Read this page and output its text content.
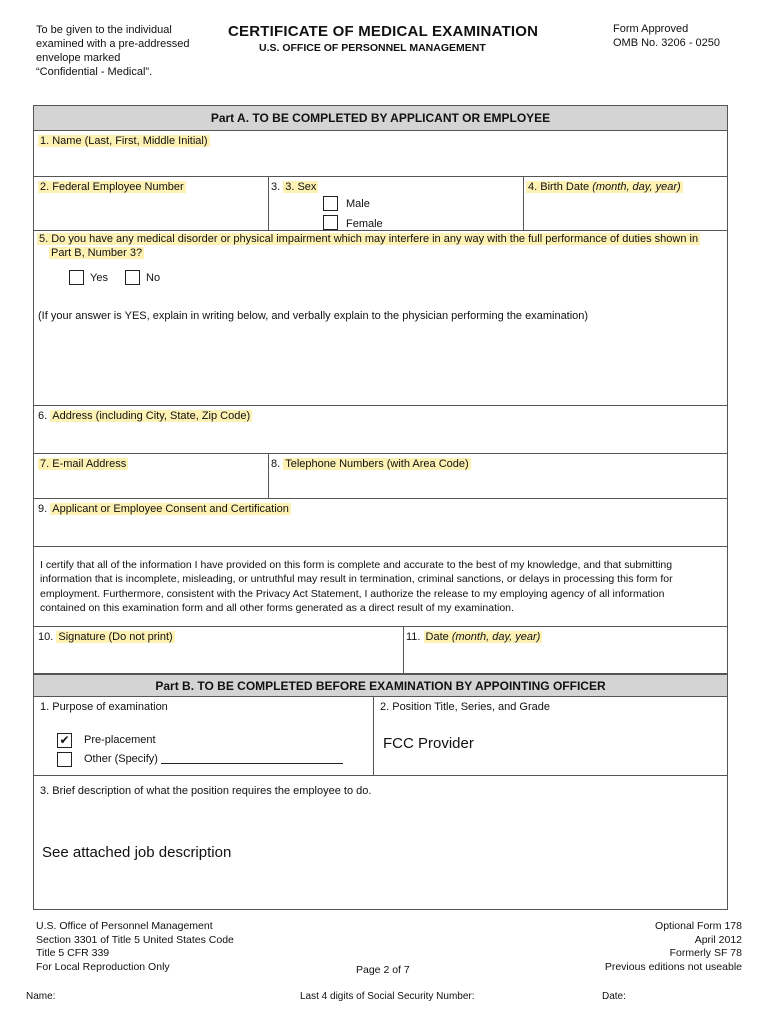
To be given to the individual
examined with a pre-addressed
envelope marked
“Confidential - Medical”.
CERTIFICATE OF MEDICAL EXAMINATION
U.S. OFFICE OF PERSONNEL MANAGEMENT
Form Approved
OMB No. 3206 - 0250
Part A. TO BE COMPLETED BY APPLICANT OR EMPLOYEE
1. Name (Last, First, Middle Initial)
2. Federal Employee Number	3. 3. Sex
Male
Female
4. Birth Date (month, day, year)
5. Do you have any medical disorder or physical impairment which may interfere in any way with the full performance of duties shown in
Part B, Number 3?
Yes	No
(If your answer is YES, explain in writing below, and verbally explain to the physician performing the examination)
6. Address (including City, State, Zip Code)
7. E-mail Address	8. Telephone Numbers (with Area Code)
9. Applicant or Employee Consent and Certification
I certify that all of the information I have provided on this form is complete and accurate to the best of my knowledge, and that submitting
information that is incomplete, misleading, or untruthful may result in termination, criminal sanctions, or delays in processing this form for
employment. Furthermore, consistent with the Privacy Act Statement, I authorize the release to my employing agency of all information
contained on this examination form and all other forms generated as a direct result of my examination.
10. Signature (Do not print)	11. Date (month, day, year)
Part B. TO BE COMPLETED BEFORE EXAMINATION BY APPOINTING OFFICER
1. Purpose of examination
✔ Pre-placement
Other (Specify)
2. Position Title, Series, and Grade
FCC Provider
3. Brief description of what the position requires the employee to do.
See attached job description
U.S. Office of Personnel Management
Section 3301 of Title 5 United States Code
Title 5 CFR 339
For Local Reproduction Only	Page 2 of 7
Optional Form 178
April 2012
Formerly SF 78
Previous editions not useable
Name:	Last 4 digits of Social Security Number:	Date:
